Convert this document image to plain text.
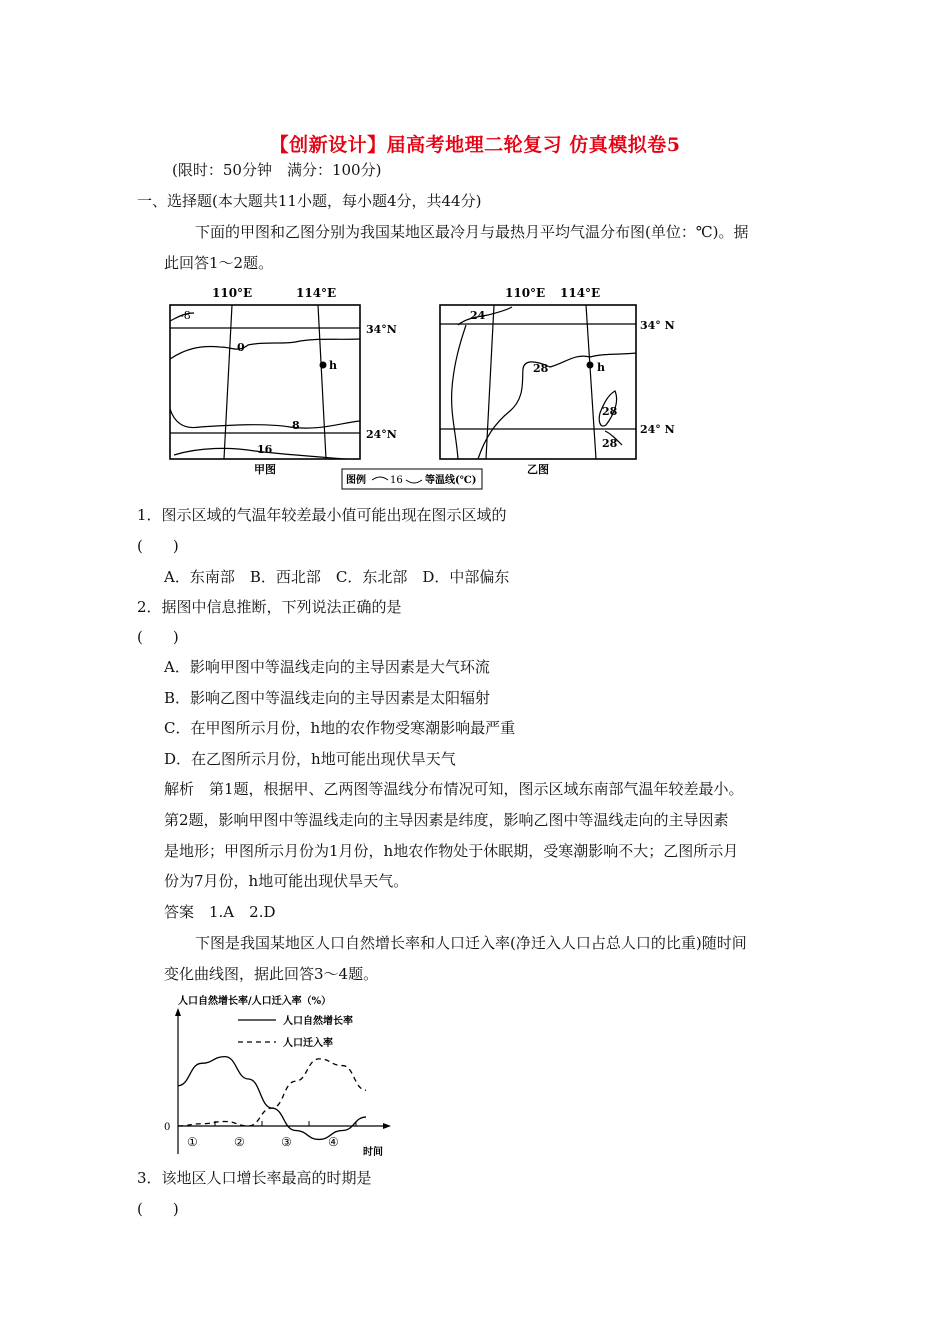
【创新设计】届高考地理二轮复习 仿真模拟卷5
(限时：50分钟　满分：100分)
一、选择题(本大题共11小题，每小题4分，共44分)
下面的甲图和乙图分别为我国某地区最冷月与最热月平均气温分布图(单位：℃)。据
此回答1～2题。
110°E	114°E
34°N
24°N
-8
0
8
16
h
甲图
110°E 114°E
34° N
24° N
24
28
28
28
h
乙图
图例 16 等温线(℃)
1．图示区域的气温年较差最小值可能出现在图示区域的
(　　)
A．东南部　B．西北部　C．东北部　D．中部偏东
2．据图中信息推断，下列说法正确的是
(　　)
A．影响甲图中等温线走向的主导因素是大气环流
B．影响乙图中等温线走向的主导因素是太阳辐射
C．在甲图所示月份，h地的农作物受寒潮影响最严重
D．在乙图所示月份，h地可能出现伏旱天气
解析　第1题，根据甲、乙两图等温线分布情况可知，图示区域东南部气温年较差最小。
第2题，影响甲图中等温线走向的主导因素是纬度，影响乙图中等温线走向的主导因素
是地形；甲图所示月份为1月份，h地农作物处于休眠期，受寒潮影响不大；乙图所示月
份为7月份，h地可能出现伏旱天气。
答案　1.A　2.D
下图是我国某地区人口自然增长率和人口迁入率(净迁入人口占总人口的比重)随时间
变化曲线图，据此回答3～4题。
人口自然增长率/人口迁入率（%）
0
时间
人口自然增长率
人口迁入率
①	②	③	④
3．该地区人口增长率最高的时期是
(　　)
